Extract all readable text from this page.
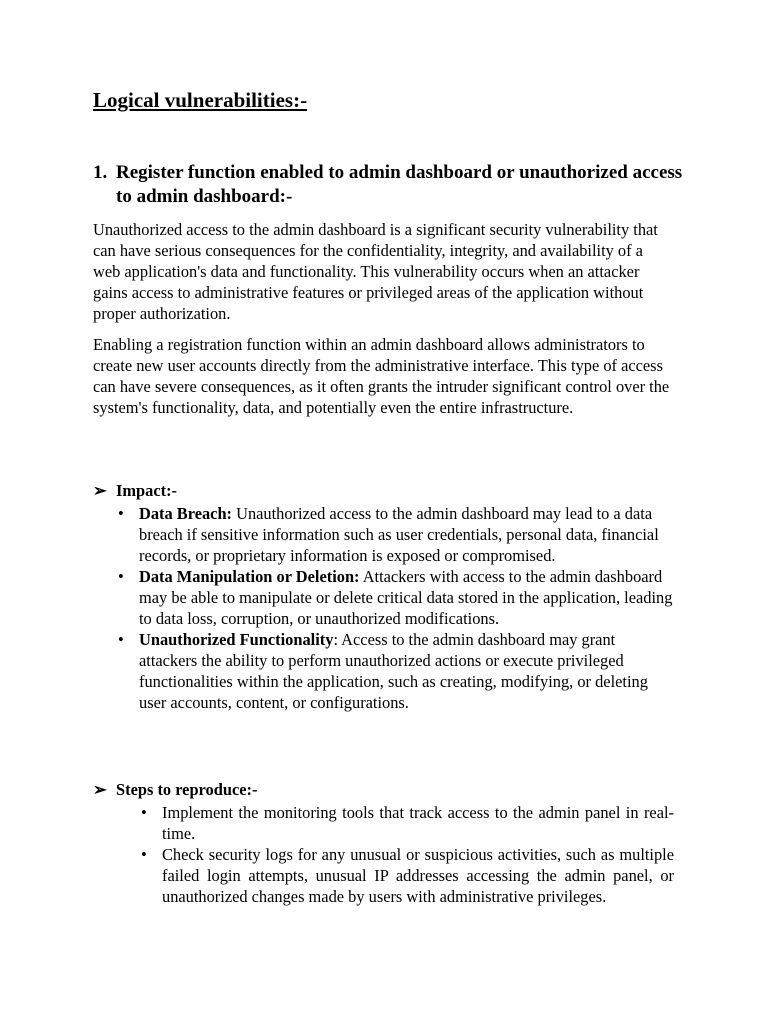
Logical vulnerabilities:-
1. Register function enabled to admin dashboard or unauthorized access to admin dashboard:-

Unauthorized access to the admin dashboard is a significant security vulnerability that can have serious consequences for the confidentiality, integrity, and availability of a web application's data and functionality. This vulnerability occurs when an attacker gains access to administrative features or privileged areas of the application without proper authorization.

Enabling a registration function within an admin dashboard allows administrators to create new user accounts directly from the administrative interface. This type of access can have severe consequences, as it often grants the intruder significant control over the system's functionality, data, and potentially even the entire infrastructure.

➢ Impact:-
• Data Breach: Unauthorized access to the admin dashboard may lead to a data breach if sensitive information such as user credentials, personal data, financial records, or proprietary information is exposed or compromised.
• Data Manipulation or Deletion: Attackers with access to the admin dashboard may be able to manipulate or delete critical data stored in the application, leading to data loss, corruption, or unauthorized modifications.
• Unauthorized Functionality: Access to the admin dashboard may grant attackers the ability to perform unauthorized actions or execute privileged functionalities within the application, such as creating, modifying, or deleting user accounts, content, or configurations.
➢ Steps to reproduce:-
• Implement the monitoring tools that track access to the admin panel in real-time.
• Check security logs for any unusual or suspicious activities, such as multiple failed login attempts, unusual IP addresses accessing the admin panel, or unauthorized changes made by users with administrative privileges.
